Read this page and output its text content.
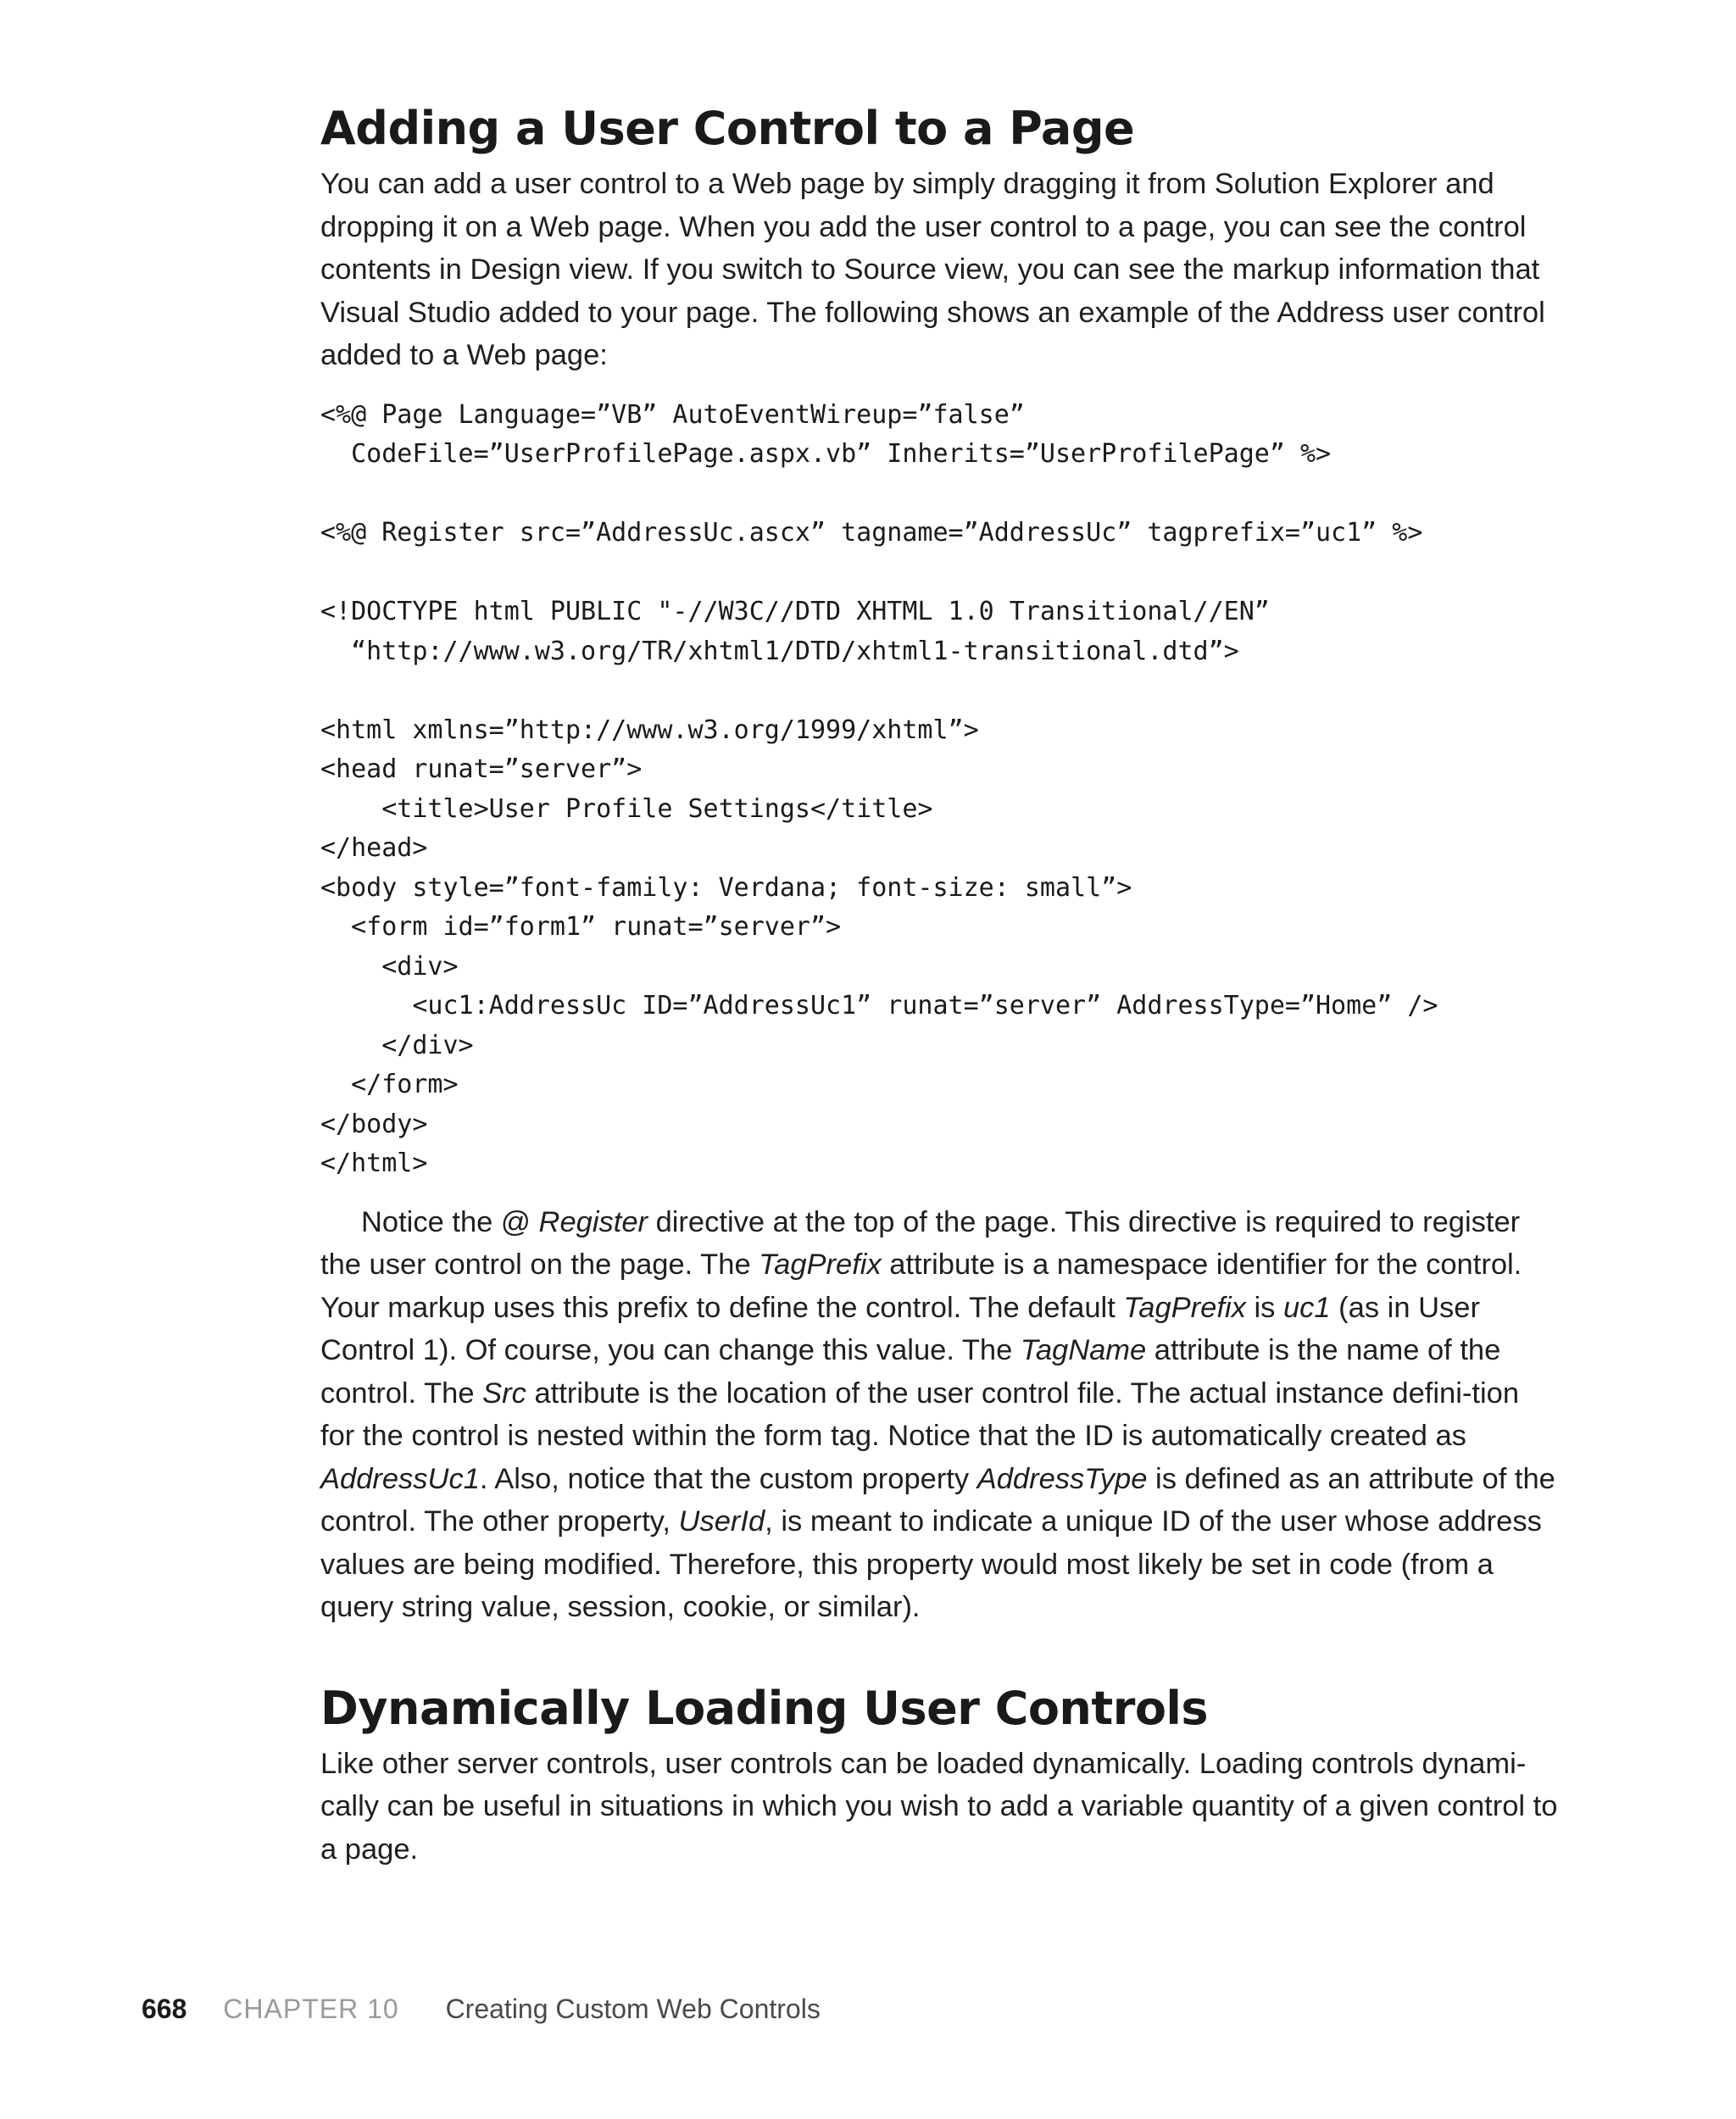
Adding a User Control to a Page

You can add a user control to a Web page by simply dragging it from Solution Explorer and dropping it on a Web page. When you add the user control to a page, you can see the control contents in Design view. If you switch to Source view, you can see the markup information that Visual Studio added to your page. The following shows an example of the Address user control added to a Web page:

<%@ Page Language=”VB” AutoEventWireup=”false”
CodeFile=”UserProfilePage.aspx.vb” Inherits=”UserProfilePage” %>

<%@ Register src=”AddressUc.ascx” tagname=”AddressUc” tagprefix=”uc1” %>

<!DOCTYPE html PUBLIC "-//W3C//DTD XHTML 1.0 Transitional//EN”
“http://www.w3.org/TR/xhtml1/DTD/xhtml1-transitional.dtd”>

<html xmlns=”http://www.w3.org/1999/xhtml”>
<head runat=”server”>
<title>User Profile Settings</title>
</head>
<body style=”font-family: Verdana; font-size: small”>
<form id=”form1” runat=”server”>
<div>
<uc1:AddressUc ID=”AddressUc1” runat=”server” AddressType=”Home” />
</div>
</form>
</body>
</html>

Notice the @ Register directive at the top of the page. This directive is required to register the user control on the page. The TagPrefix attribute is a namespace identifier for the control. Your markup uses this prefix to define the control. The default TagPrefix is uc1 (as in User Control 1). Of course, you can change this value. The TagName attribute is the name of the control. The Src attribute is the location of the user control file. The actual instance defini-tion for the control is nested within the form tag. Notice that the ID is automatically created as AddressUc1. Also, notice that the custom property AddressType is defined as an attribute of the control. The other property, UserId, is meant to indicate a unique ID of the user whose address values are being modified. Therefore, this property would most likely be set in code (from a query string value, session, cookie, or similar).

Dynamically Loading User Controls

Like other server controls, user controls can be loaded dynamically. Loading controls dynami-cally can be useful in situations in which you wish to add a variable quantity of a given control to a page.

668 CHAPTER 10 Creating Custom Web Controls
